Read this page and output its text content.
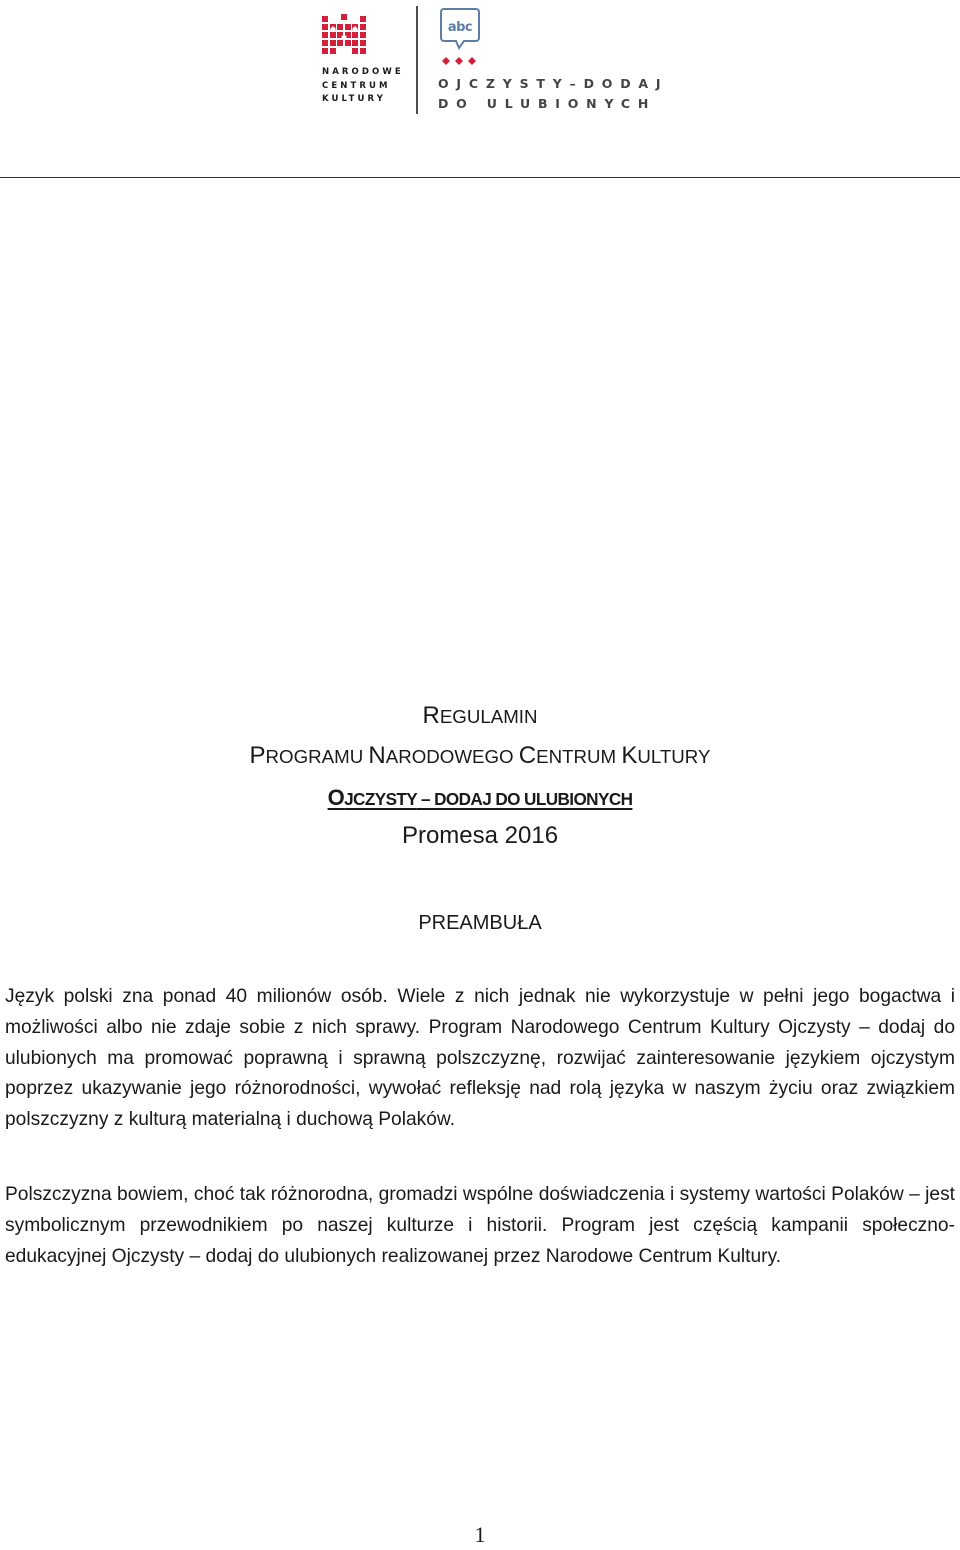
NARODOWE
CENTRUM
KULTURY
abc
OJCZYSTY–DODAJ
DO ULUBIONYCH
REGULAMIN
PROGRAMU NARODOWEGO CENTRUM KULTURY
OJCZYSTY – DODAJ DO ULUBIONYCH
Promesa 2016
PREAMBUŁA

Język polski zna ponad 40 milionów osób. Wiele z nich jednak nie wykorzystuje w pełni jego bogactwa i możliwości albo nie zdaje sobie z nich sprawy. Program Narodowego Centrum Kultury Ojczysty – dodaj do ulubionych ma promować poprawną i sprawną polszczyznę, rozwijać zainteresowanie językiem ojczystym poprzez ukazywanie jego różnorodności, wywołać refleksję nad rolą języka w naszym życiu oraz związkiem polszczyzny z kulturą materialną i duchową Polaków.

Polszczyzna bowiem, choć tak różnorodna, gromadzi wspólne doświadczenia i systemy wartości Polaków – jest symbolicznym przewodnikiem po naszej kulturze i historii. Program jest częścią kampanii społeczno-edukacyjnej Ojczysty – dodaj do ulubionych realizowanej przez Narodowe Centrum Kultury.

1
